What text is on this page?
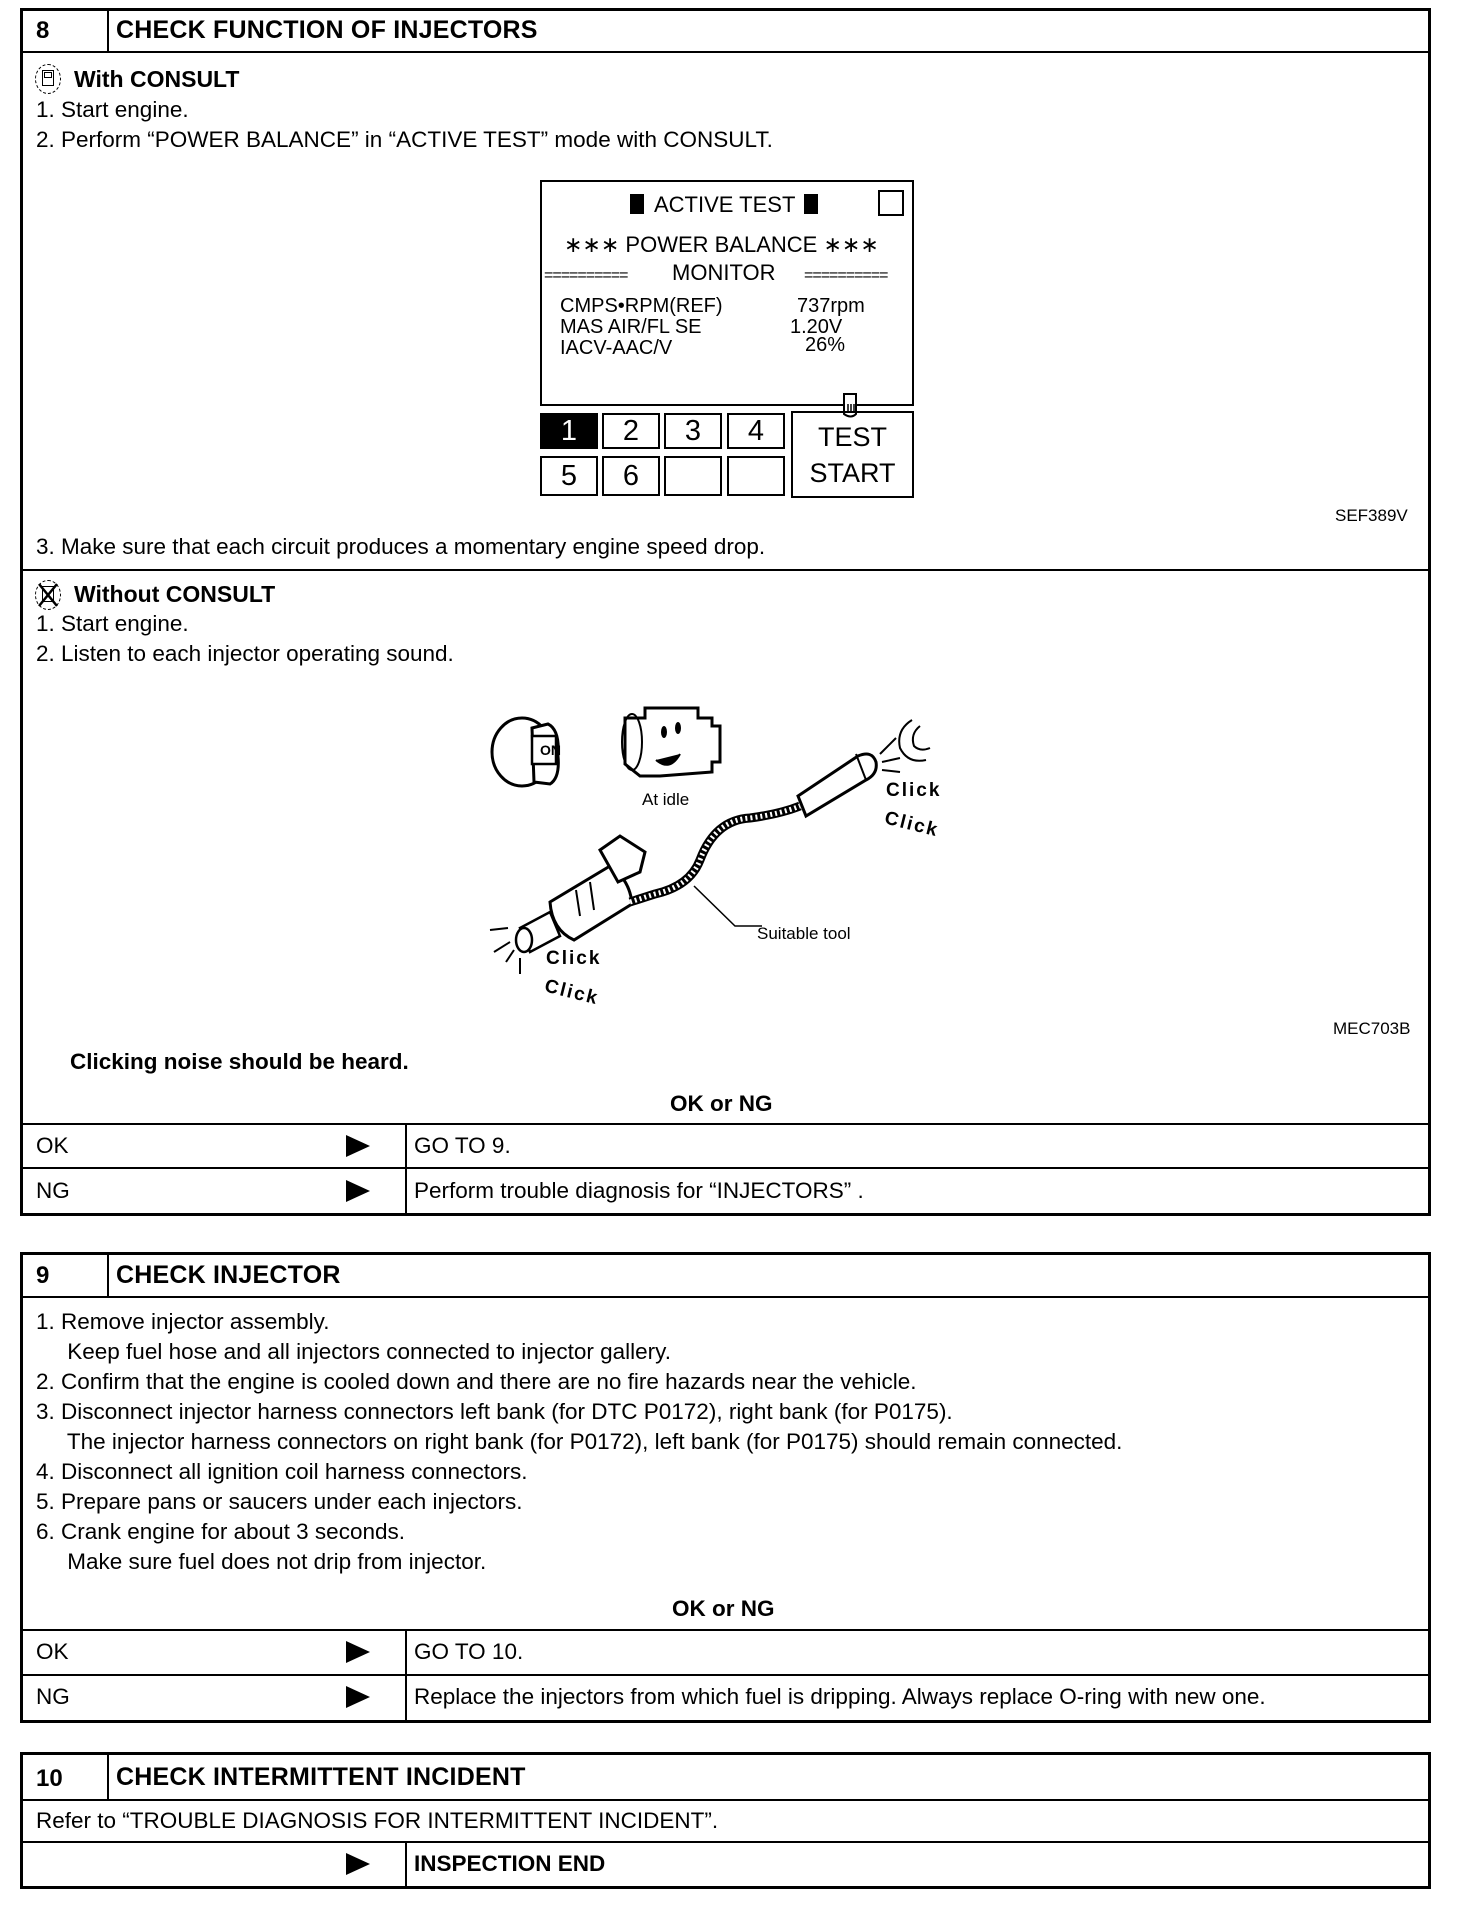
8	CHECK FUNCTION OF INJECTORS
With CONSULT
1. Start engine.
2. Perform “POWER BALANCE” in “ACTIVE TEST” mode with CONSULT.
ACTIVE TEST
∗∗∗ POWER BALANCE ∗∗∗
========== MONITOR ==========
CMPS•RPM(REF)	737rpm
MAS AIR/FL SE	1.20V
IACV-AAC/V	26%
1	2	3	4
5	6
TEST
START
SEF389V
3. Make sure that each circuit produces a momentary engine speed drop.
Without CONSULT
1. Start engine.
2. Listen to each injector operating sound.
ON
At idle
Suitable tool
Click
Click
Click
Click
MEC703B
Clicking noise should be heard.
OK or NG
OK	GO TO 9.
NG	Perform trouble diagnosis for “INJECTORS” .
9	CHECK INJECTOR
1. Remove injector assembly.
Keep fuel hose and all injectors connected to injector gallery.
2. Confirm that the engine is cooled down and there are no fire hazards near the vehicle.
3. Disconnect injector harness connectors left bank (for DTC P0172), right bank (for P0175).
The injector harness connectors on right bank (for P0172), left bank (for P0175) should remain connected.
4. Disconnect all ignition coil harness connectors.
5. Prepare pans or saucers under each injectors.
6. Crank engine for about 3 seconds.
Make sure fuel does not drip from injector.
OK or NG
OK	GO TO 10.
NG	Replace the injectors from which fuel is dripping. Always replace O-ring with new one.
10 CHECK INTERMITTENT INCIDENT
Refer to “TROUBLE DIAGNOSIS FOR INTERMITTENT INCIDENT”.
INSPECTION END
